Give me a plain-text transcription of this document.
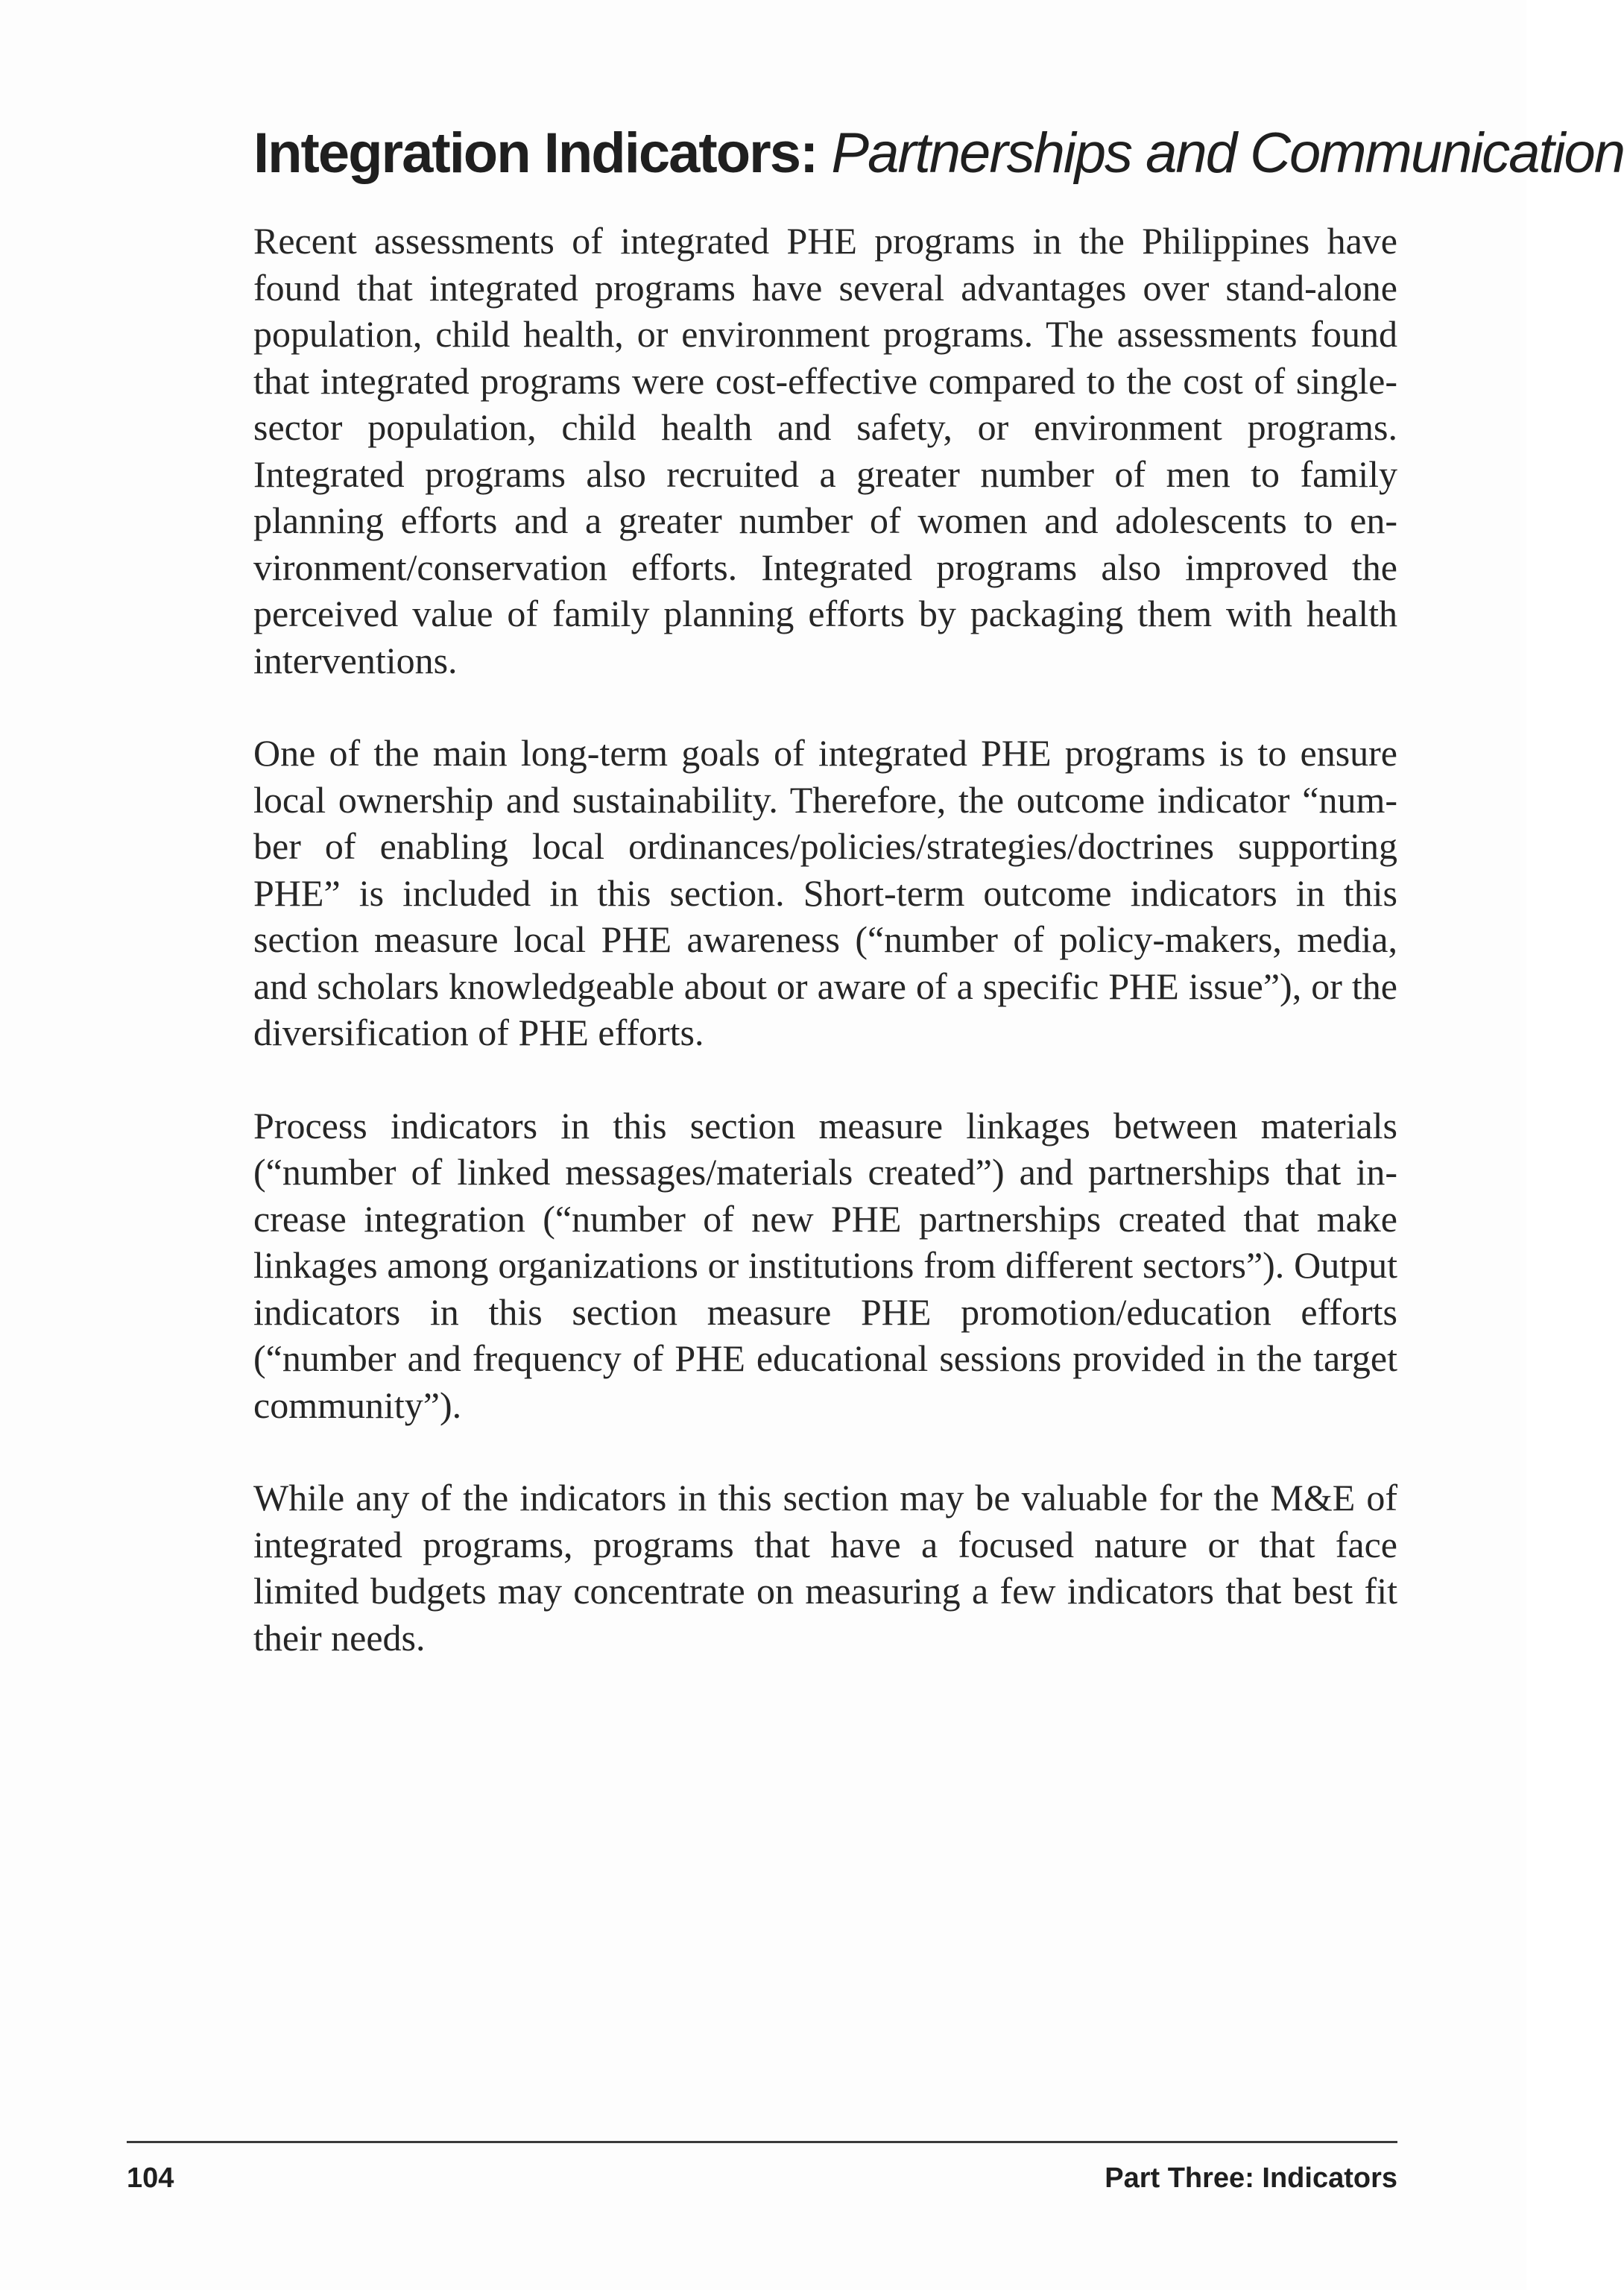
Integration Indicators: Partnerships and Communication

Recent assessments of integrated PHE programs in the Philippines have found that integrated programs have several advantages over stand-alone population, child health, or environment programs. The assessments found that integrated programs were cost-effective compared to the cost of single-sector population, child health and safety, or environment programs. Integrated programs also recruited a greater number of men to family planning efforts and a greater number of women and adolescents to environment/conservation efforts. Integrated programs also improved the perceived value of family planning efforts by packaging them with health interventions.

One of the main long-term goals of integrated PHE programs is to ensure local ownership and sustainability. Therefore, the outcome indicator “number of enabling local ordinances/policies/strategies/doctrines supporting PHE” is included in this section. Short-term outcome indicators in this section measure local PHE awareness (“number of policy-makers, media, and scholars knowledgeable about or aware of a specific PHE issue”), or the diversification of PHE efforts.

Process indicators in this section measure linkages between materials (“number of linked messages/materials created”) and partnerships that increase integration (“number of new PHE partnerships created that make linkages among organizations or institutions from different sectors”). Output indicators in this section measure PHE promotion/education efforts (“number and frequency of PHE educational sessions provided in the target community”).

While any of the indicators in this section may be valuable for the M&E of integrated programs, programs that have a focused nature or that face limited budgets may concentrate on measuring a few indicators that best fit their needs.

104	Part Three: Indicators
